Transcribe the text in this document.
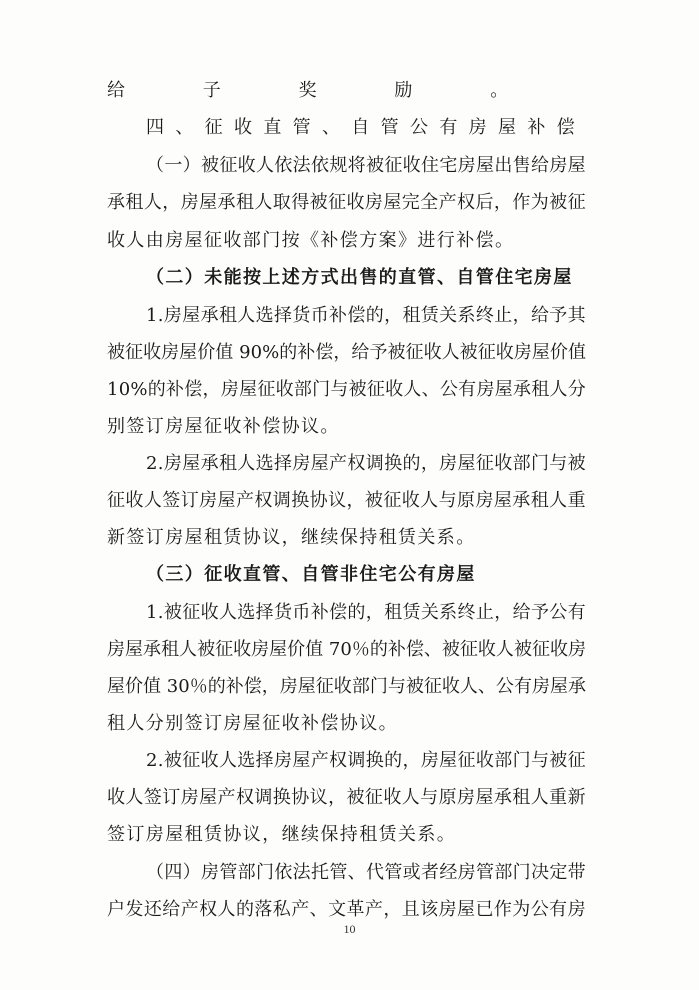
给子奖励。
四、征收直管、自管公有房屋补偿
（一）被征收人依法依规将被征收住宅房屋出售给房屋
承租人，房屋承租人取得被征收房屋完全产权后，作为被征
收人由房屋征收部门按《补偿方案》进行补偿。
（二）未能按上述方式出售的直管、自管住宅房屋
1.房屋承租人选择货币补偿的，租赁关系终止，给予其
被征收房屋价值 90%的补偿，给予被征收人被征收房屋价值
10%的补偿，房屋征收部门与被征收人、公有房屋承租人分
别签订房屋征收补偿协议。
2.房屋承租人选择房屋产权调换的，房屋征收部门与被
征收人签订房屋产权调换协议，被征收人与原房屋承租人重
新签订房屋租赁协议，继续保持租赁关系。
（三）征收直管、自管非住宅公有房屋
1.被征收人选择货币补偿的，租赁关系终止，给予公有
房屋承租人被征收房屋价值 70％的补偿、被征收人被征收房
屋价值 30％的补偿，房屋征收部门与被征收人、公有房屋承
租人分别签订房屋征收补偿协议。
2.被征收人选择房屋产权调换的，房屋征收部门与被征
收人签订房屋产权调换协议，被征收人与原房屋承租人重新
签订房屋租赁协议，继续保持租赁关系。
（四）房管部门依法托管、代管或者经房管部门决定带
户发还给产权人的落私产、文革产，且该房屋已作为公有房
10
